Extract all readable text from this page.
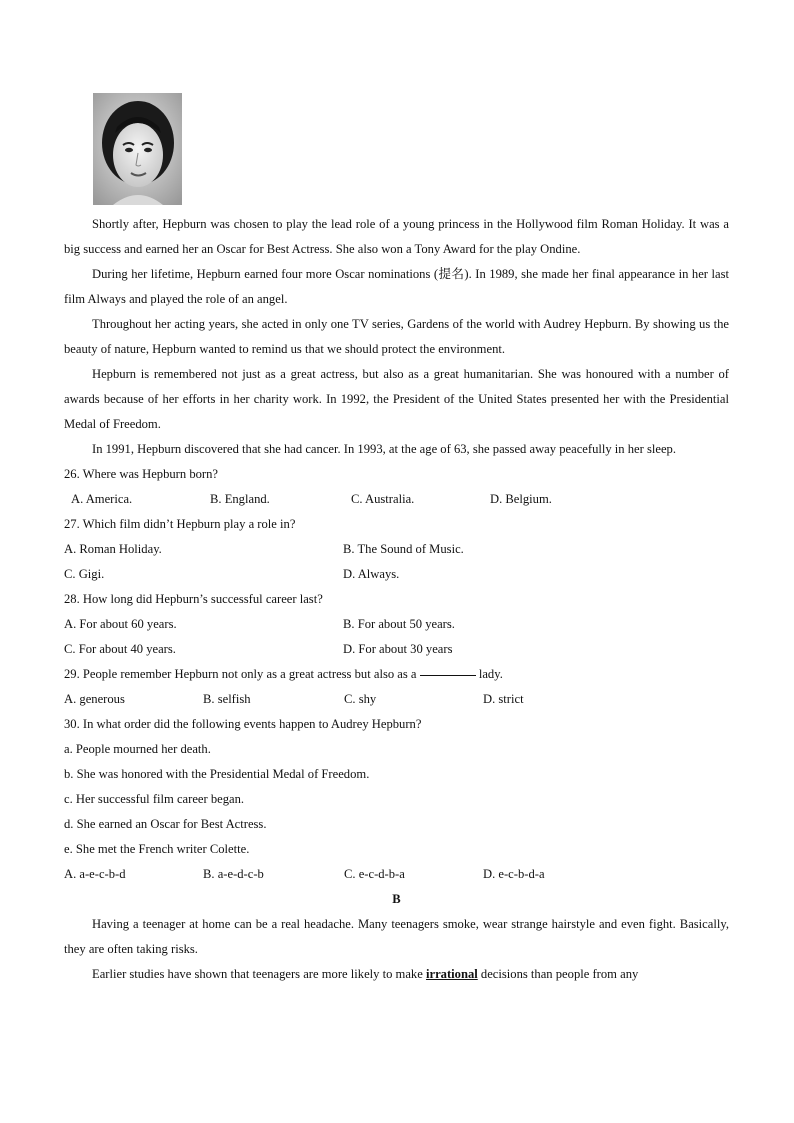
Shortly after, Hepburn was chosen to play the lead role of a young princess in the Hollywood film Roman Holiday. It was a big success and earned her an Oscar for Best Actress. She also won a Tony Award for the play Ondine.

During her lifetime, Hepburn earned four more Oscar nominations (提名). In 1989, she made her final appearance in her last film Always and played the role of an angel.

Throughout her acting years, she acted in only one TV series, Gardens of the world with Audrey Hepburn. By showing us the beauty of nature, Hepburn wanted to remind us that we should protect the environment.

Hepburn is remembered not just as a great actress, but also as a great humanitarian. She was honoured with a number of awards because of her efforts in her charity work. In 1992, the President of the United States presented her with the Presidential Medal of Freedom.

In 1991, Hepburn discovered that she had cancer. In 1993, at the age of 63, she passed away peacefully in her sleep.

26. Where was Hepburn born?
A. America.	B. England.	C. Australia.	D. Belgium.
27. Which film didn’t Hepburn play a role in?
A. Roman Holiday.	B. The Sound of Music.
C. Gigi.	D. Always.
28. How long did Hepburn’s successful career last?
A. For about 60 years.	B. For about 50 years.
C. For about 40 years.	D. For about 30 years
29. People remember Hepburn not only as a great actress but also as a

	lady.
A. generous	B. selfish	C. shy	D. strict
30. In what order did the following events happen to Audrey Hepburn?
a. People mourned her death.
b. She was honored with the Presidential Medal of Freedom.
c. Her successful film career began.
d. She earned an Oscar for Best Actress.
e. She met the French writer Colette.
A. a-e-c-b-d	B. a-e-d-c-b	C. e-c-d-b-a	D. e-c-b-d-a
B

Having a teenager at home can be a real headache. Many teenagers smoke, wear strange hairstyle and even fight. Basically, they are often taking risks.

Earlier studies have shown that teenagers are more likely to make irrational decisions than people from any
